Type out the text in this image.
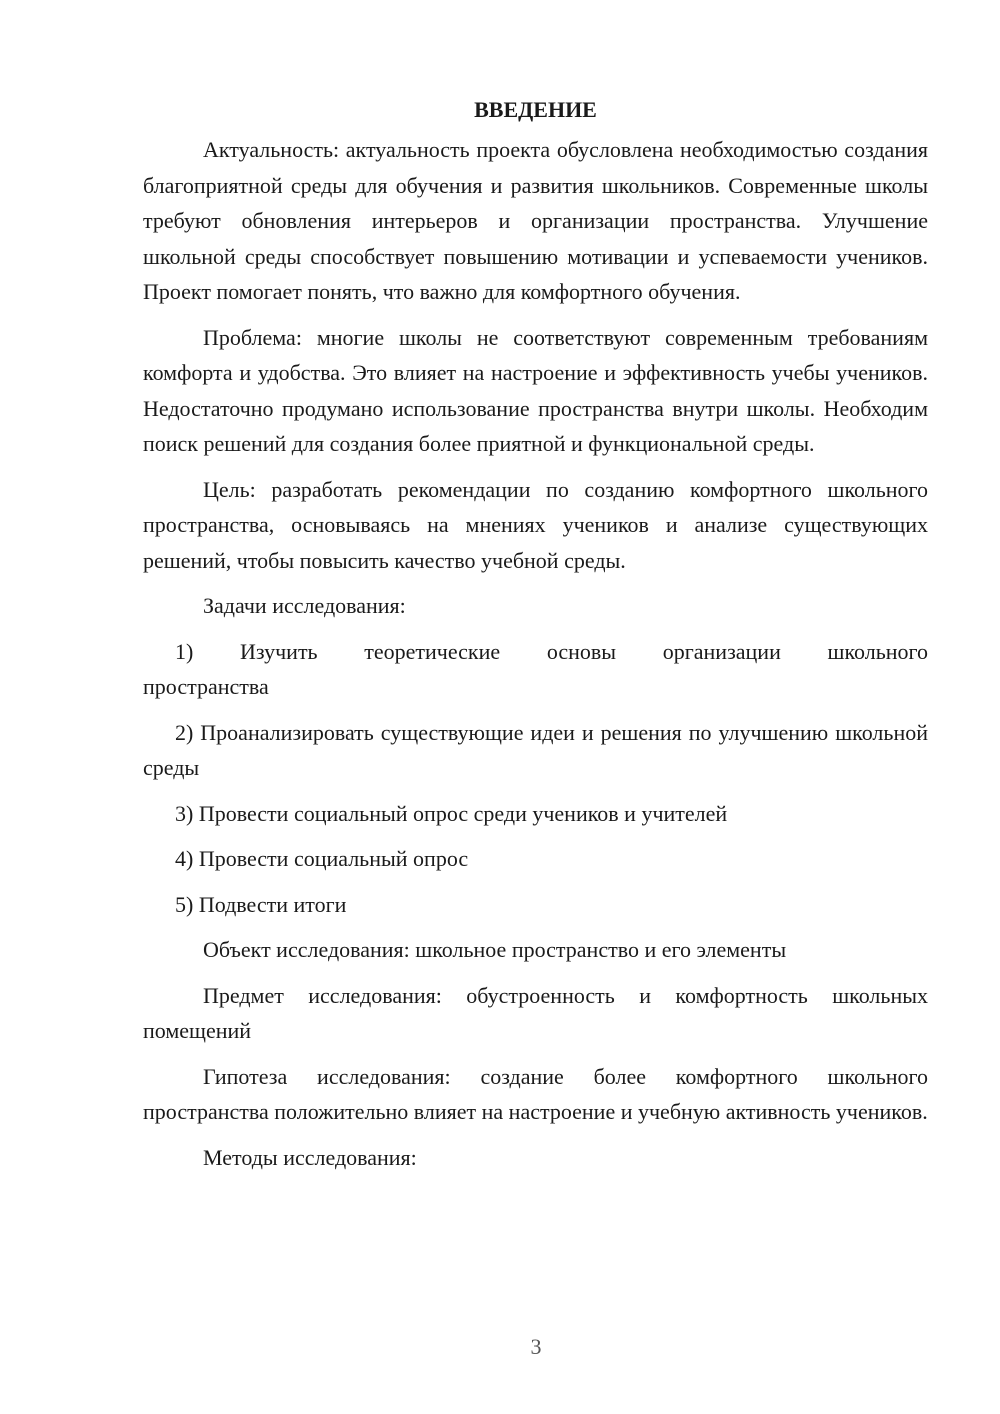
ВВЕДЕНИЕ

Актуальность: актуальность проекта обусловлена необходимостью создания благоприятной среды для обучения и развития школьников. Современные школы требуют обновления интерьеров и организации пространства. Улучшение школьной среды способствует повышению мотивации и успеваемости учеников. Проект помогает понять, что важно для комфортного обучения.

Проблема: многие школы не соответствуют современным требованиям комфорта и удобства. Это влияет на настроение и эффективность учебы учеников. Недостаточно продумано использование пространства внутри школы. Необходим поиск решений для создания более приятной и функциональной среды.

Цель: разработать рекомендации по созданию комфортного школьного пространства, основываясь на мнениях учеников и анализе существующих решений, чтобы повысить качество учебной среды.

Задачи исследования:

1) Изучить теоретические основы организации школьного

пространства

2) Проанализировать существующие идеи и решения по улучшению школьной среды

3) Провести социальный опрос среди учеников и учителей

4) Провести социальный опрос

5) Подвести итоги

Объект исследования: школьное пространство и его элементы

Предмет исследования: обустроенность и комфортность школьных помещений

Гипотеза исследования: создание более комфортного школьного пространства положительно влияет на настроение и учебную активность учеников.

Методы исследования:

3
